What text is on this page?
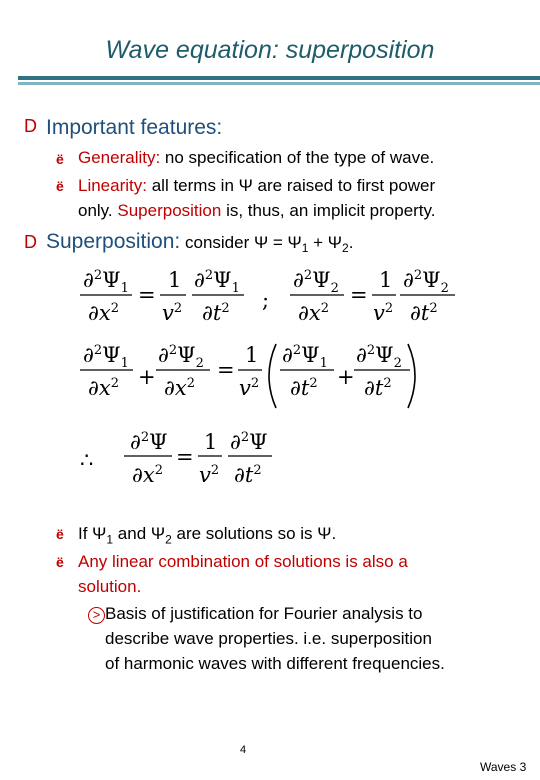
Wave equation: superposition
D Important features:
ë Generality: no specification of the type of wave.
ë Linearity: all terms in Ψ are raised to first power
only. Superposition is, thus, an implicit property.
D Superposition: consider $\Psi = \Psi_1 + \Psi_2$.
$\partial^2\Psi_1$
$\partial x^2$
=
1
$v^2$
$\partial^2\Psi_1$
$\partial t^2$ ;
$\partial^2\Psi_2$
$\partial x^2$
=
1
$v^2$
$\partial^2\Psi_2$
$\partial t^2$
$\partial^2\Psi_1$
$\partial x^2$ +
$\partial^2\Psi_2$
$\partial x^2$
=
1
$v^2$
$\partial^2\Psi_1$
$\partial t^2$ +
$\partial^2\Psi_2$
$\partial t^2$
∴
∂$^2$Ψ
$\partial x^2$
=
1
$v^2$
∂$^2$Ψ
$\partial t^2$
ë If $\Psi_1$ and $\Psi_2$ are solutions so is Ψ.
ë Any linear combination of solutions is also a
solution.
> Basis of justification for Fourier analysis to
describe wave properties. i.e. superposition
of harmonic waves with different frequencies.
4
Waves 3
